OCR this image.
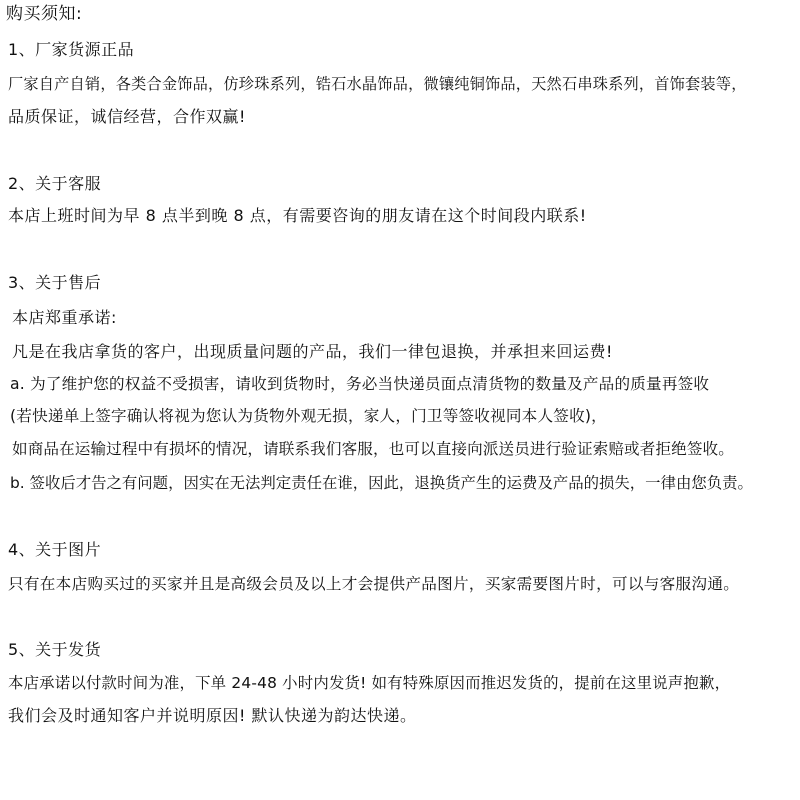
购买须知:
1、厂家货源正品
厂家自产自销，各类合金饰品，仿珍珠系列，锆石水晶饰品，微镶纯铜饰品，天然石串珠系列，首饰套装等，
品质保证，诚信经营，合作双赢!
2、关于客服
本店上班时间为早 8 点半到晚 8 点，有需要咨询的朋友请在这个时间段内联系!
3、关于售后
本店郑重承诺:
凡是在我店拿货的客户，出现质量问题的产品，我们一律包退换，并承担来回运费!
a. 为了维护您的权益不受损害，请收到货物时，务必当快递员面点清货物的数量及产品的质量再签收
(若快递单上签字确认将视为您认为货物外观无损，家人，门卫等签收视同本人签收)，
如商品在运输过程中有损坏的情况，请联系我们客服，也可以直接向派送员进行验证索赔或者拒绝签收。
b. 签收后才告之有问题，因实在无法判定责任在谁，因此，退换货产生的运费及产品的损失，一律由您负责。
4、关于图片
只有在本店购买过的买家并且是高级会员及以上才会提供产品图片，买家需要图片时，可以与客服沟通。
5、关于发货
本店承诺以付款时间为准，下单 24-48 小时内发货! 如有特殊原因而推迟发货的，提前在这里说声抱歉，
我们会及时通知客户并说明原因! 默认快递为韵达快递。
